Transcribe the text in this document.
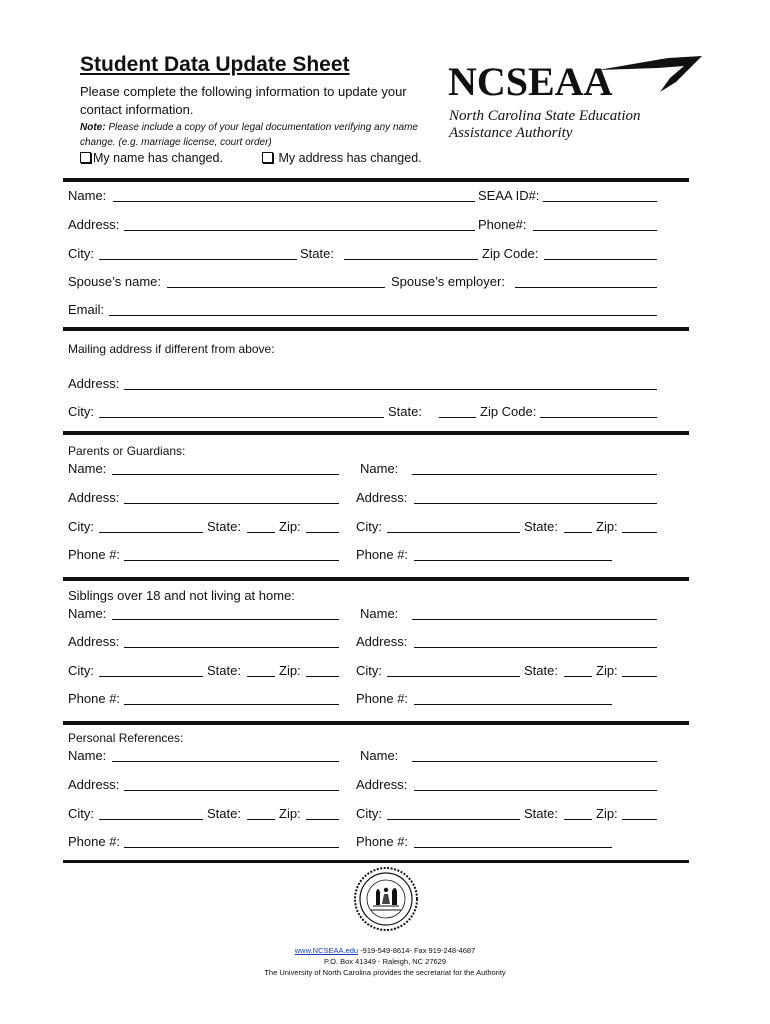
Student Data Update Sheet
Please complete the following information to update your contact information.
Note: Please include a copy of your legal documentation verifying any name change. (e.g. marriage license, court order)
My name has changed.	My address has changed.
NCSEAA
North Carolina State Education
Assistance Authority
Name:	SEAA ID#:
Address:	Phone#:
City:	State:	Zip Code:
Spouse’s name:	Spouse’s employer:
Email:
Mailing address if different from above:
Address:
City:	State:	Zip Code:
Parents or Guardians:
Name:	Name:
Address:	Address:
City:	State:	Zip:	City:	State:	Zip:
Phone #:	Phone #:
Siblings over 18 and not living at home:
Name:	Name:
Address:	Address:
City:	State:	Zip:	City:	State:	Zip:
Phone #:	Phone #:
Personal References:
Name:	Name:
Address:	Address:
City:	State:	Zip:	City:	State:	Zip:
Phone #:	Phone #:
www.NCSEAA.edu -919-549-8614- Fax 919-248-4687
P.O. Box 41349 - Raleigh, NC 27629
The University of North Carolina provides the secretariat for the Authority
